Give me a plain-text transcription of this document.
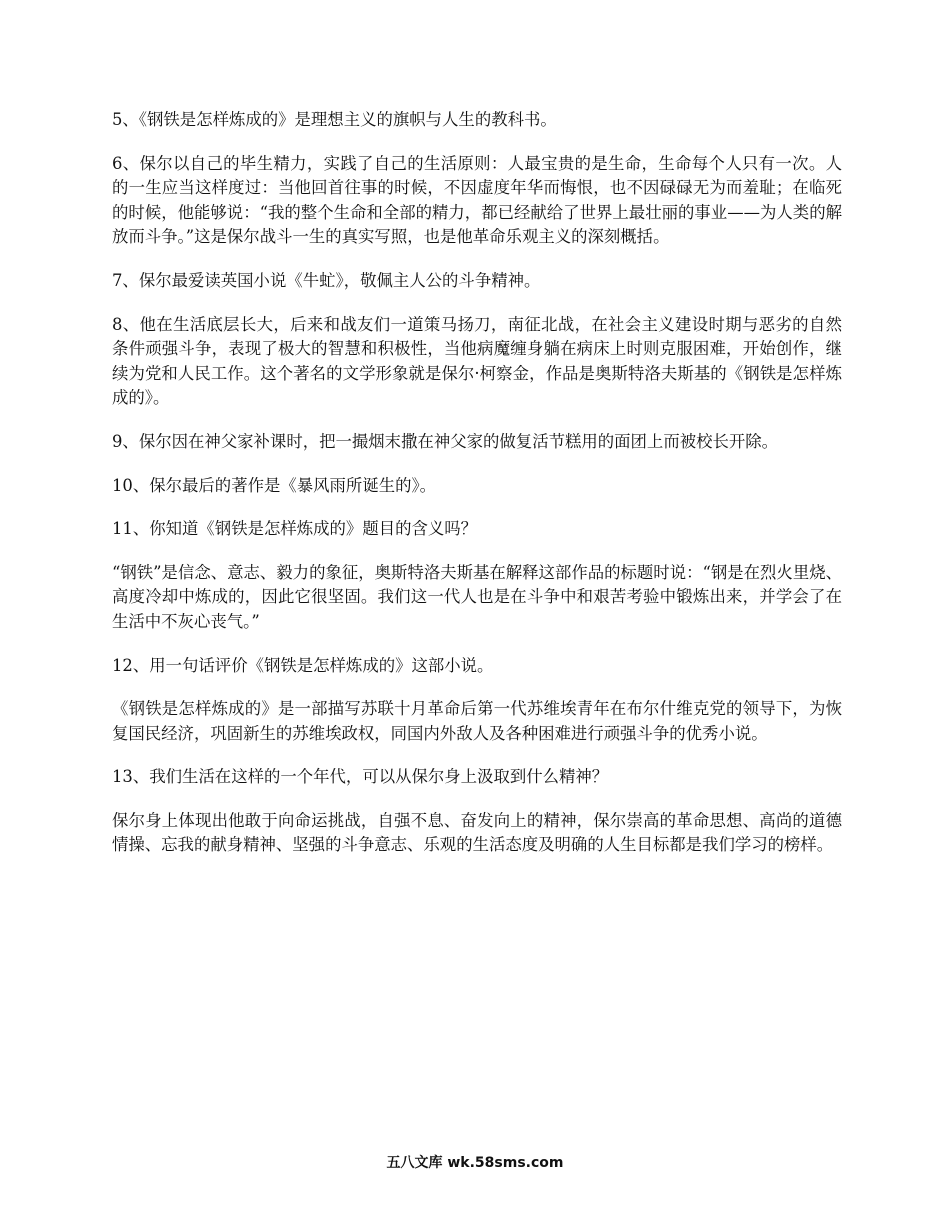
5、《钢铁是怎样炼成的》是理想主义的旗帜与人生的教科书。

6、保尔以自己的毕生精力，实践了自己的生活原则：人最宝贵的是生命，生命每个人只有一次。人的一生应当这样度过：当他回首往事的时候，不因虚度年华而悔恨，也不因碌碌无为而羞耻；在临死的时候，他能够说：“我的整个生命和全部的精力，都已经献给了世界上最壮丽的事业——为人类的解放而斗争。”这是保尔战斗一生的真实写照，也是他革命乐观主义的深刻概括。

7、保尔最爱读英国小说《牛虻》，敬佩主人公的斗争精神。

8、他在生活底层长大，后来和战友们一道策马扬刀，南征北战，在社会主义建设时期与恶劣的自然条件顽强斗争，表现了极大的智慧和积极性，当他病魔缠身躺在病床上时则克服困难，开始创作，继续为党和人民工作。这个著名的文学形象就是保尔·柯察金，作品是奥斯特洛夫斯基的《钢铁是怎样炼成的》。

9、保尔因在神父家补课时，把一撮烟末撒在神父家的做复活节糕用的面团上而被校长开除。

10、保尔最后的著作是《暴风雨所诞生的》。

11、你知道《钢铁是怎样炼成的》题目的含义吗？

“钢铁”是信念、意志、毅力的象征，奥斯特洛夫斯基在解释这部作品的标题时说：“钢是在烈火里烧、高度冷却中炼成的，因此它很坚固。我们这一代人也是在斗争中和艰苦考验中锻炼出来，并学会了在生活中不灰心丧气。”

12、用一句话评价《钢铁是怎样炼成的》这部小说。

《钢铁是怎样炼成的》是一部描写苏联十月革命后第一代苏维埃青年在布尔什维克党的领导下，为恢复国民经济，巩固新生的苏维埃政权，同国内外敌人及各种困难进行顽强斗争的优秀小说。

13、我们生活在这样的一个年代，可以从保尔身上汲取到什么精神？

保尔身上体现出他敢于向命运挑战，自强不息、奋发向上的精神，保尔崇高的革命思想、高尚的道德情操、忘我的献身精神、坚强的斗争意志、乐观的生活态度及明确的人生目标都是我们学习的榜样。

五八文库 wk.58sms.com
